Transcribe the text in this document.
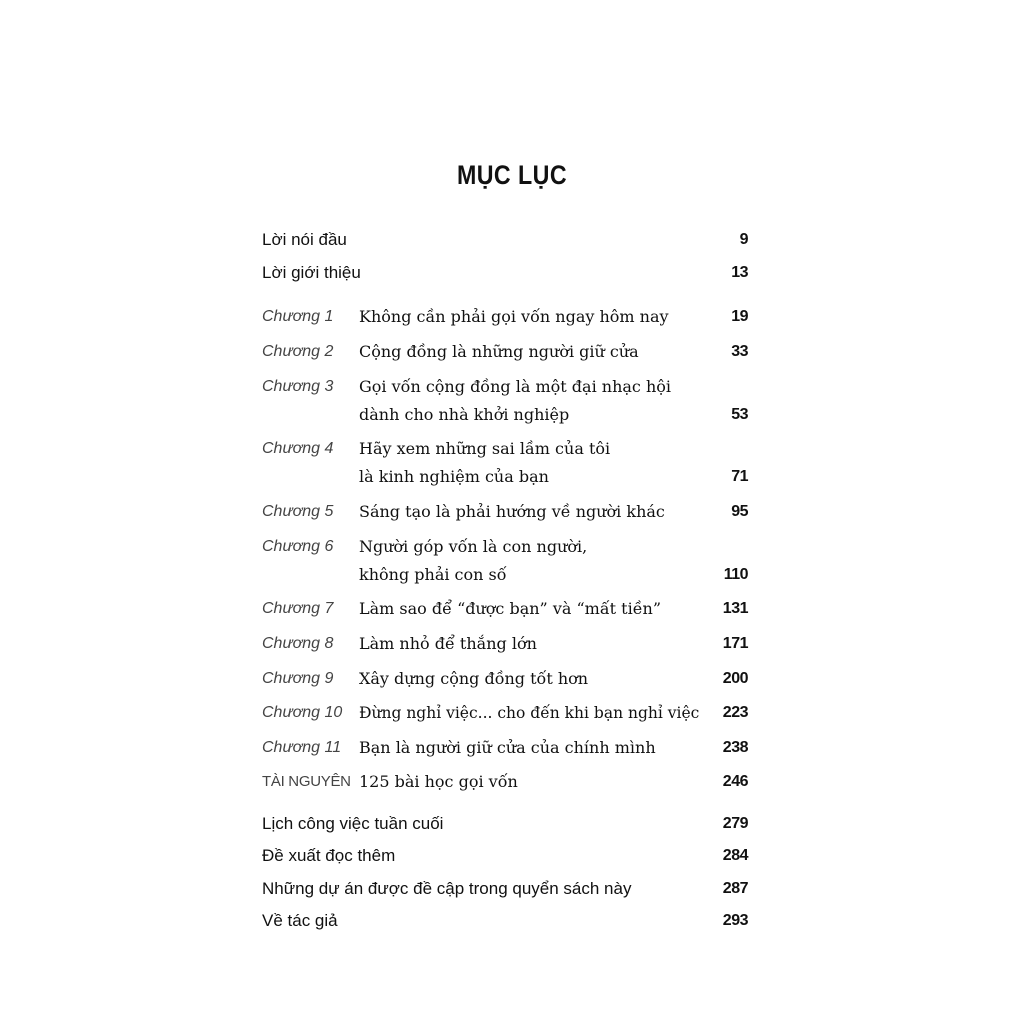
MỤC LỤC
Lời nói đầu	9
Lời giới thiệu	13
Chương 1 Không cần phải gọi vốn ngay hôm nay	19
Chương 2 Cộng đồng là những người giữ cửa	33
Chương 3 Gọi vốn cộng đồng là một đại nhạc hội
dành cho nhà khởi nghiệp	53
Chương 4 Hãy xem những sai lầm của tôi
là kinh nghiệm của bạn	71
Chương 5 Sáng tạo là phải hướng về người khác	95
Chương 6 Người góp vốn là con người,
không phải con số	110
Chương 7 Làm sao để “được bạn” và “mất tiền”	131
Chương 8 Làm nhỏ để thắng lớn	171
Chương 9 Xây dựng cộng đồng tốt hơn	200
Chương 10 Đừng nghỉ việc... cho đến khi bạn nghỉ việc 223
Chương 11 Bạn là người giữ cửa của chính mình	238
TÀI NGUYÊN 125 bài học gọi vốn	246
Lịch công việc tuần cuối	279
Đề xuất đọc thêm	284
Những dự án được đề cập trong quyển sách này	287
Về tác giả	293
